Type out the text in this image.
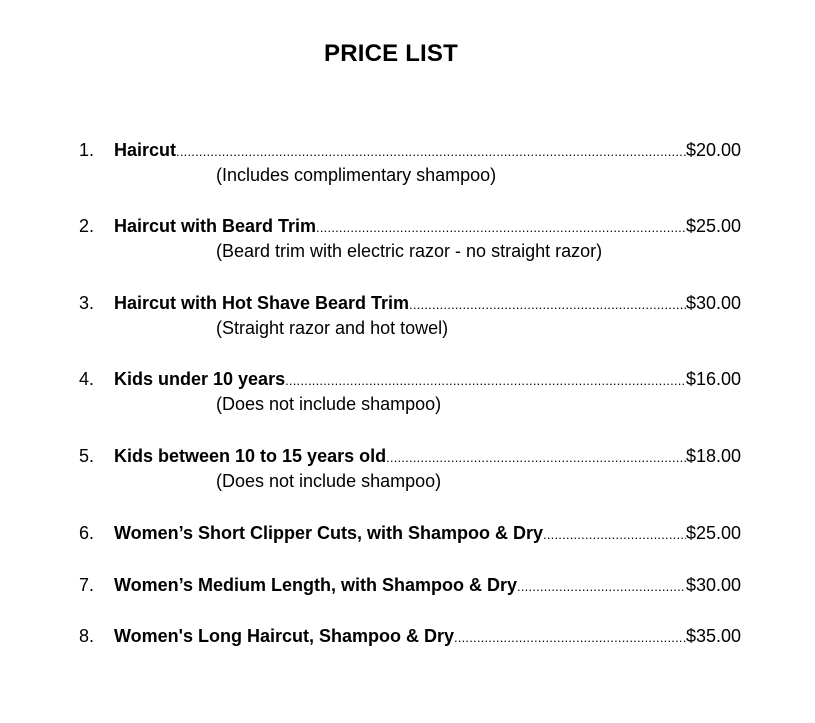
PRICE LIST
1.	Haircut .....	$20.00
(Includes complimentary shampoo)
2.	Haircut with Beard Trim .....	$25.00
(Beard trim with electric razor - no straight razor)
3.	Haircut with Hot Shave Beard Trim .....	$30.00
(Straight razor and hot towel)
4.	Kids under 10 years .....	$16.00
(Does not include shampoo)
5.	Kids between 10 to 15 years old .....	$18.00
(Does not include shampoo)
6.	Women’s Short Clipper Cuts, with Shampoo & Dry .....	$25.00
7.	Women’s Medium Length, with Shampoo & Dry .....	$30.00
8.	Women's Long Haircut, Shampoo & Dry .....	$35.00
